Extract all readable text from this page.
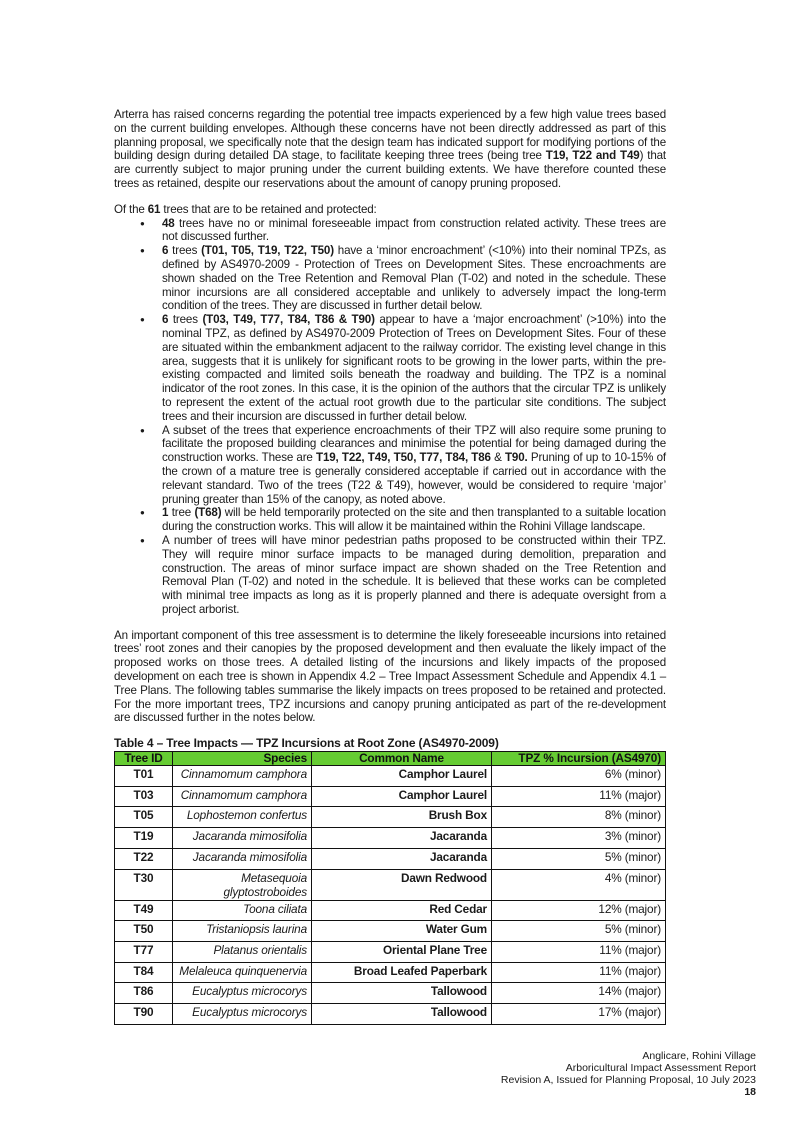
Arterra has raised concerns regarding the potential tree impacts experienced by a few high value trees based on the current building envelopes. Although these concerns have not been directly addressed as part of this planning proposal, we specifically note that the design team has indicated support for modifying portions of the building design during detailed DA stage, to facilitate keeping three trees (being tree T19, T22 and T49) that are currently subject to major pruning under the current building extents. We have therefore counted these trees as retained, despite our reservations about the amount of canopy pruning proposed.

Of the 61 trees that are to be retained and protected:

● 48 trees have no or minimal foreseeable impact from construction related activity. These trees are not discussed further.
● 6 trees (T01, T05, T19, T22, T50) have a ‘minor encroachment’ (<10%) into their nominal TPZs, as defined by AS4970-2009 - Protection of Trees on Development Sites. These encroachments are shown shaded on the Tree Retention and Removal Plan (T-02) and noted in the schedule. These minor incursions are all considered acceptable and unlikely to adversely impact the long-term condition of the trees. They are discussed in further detail below.
● 6 trees (T03, T49, T77, T84, T86 & T90) appear to have a ‘major encroachment’ (>10%) into the nominal TPZ, as defined by AS4970-2009 Protection of Trees on Development Sites. Four of these are situated within the embankment adjacent to the railway corridor. The existing level change in this area, suggests that it is unlikely for significant roots to be growing in the lower parts, within the pre-existing compacted and limited soils beneath the roadway and building. The TPZ is a nominal indicator of the root zones. In this case, it is the opinion of the authors that the circular TPZ is unlikely to represent the extent of the actual root growth due to the particular site conditions. The subject trees and their incursion are discussed in further detail below.
● A subset of the trees that experience encroachments of their TPZ will also require some pruning to facilitate the proposed building clearances and minimise the potential for being damaged during the construction works. These are T19, T22, T49, T50, T77, T84, T86 & T90. Pruning of up to 10-15% of the crown of a mature tree is generally considered acceptable if carried out in accordance with the relevant standard. Two of the trees (T22 & T49), however, would be considered to require ‘major’ pruning greater than 15% of the canopy, as noted above.
● 1 tree (T68) will be held temporarily protected on the site and then transplanted to a suitable location during the construction works. This will allow it be maintained within the Rohini Village landscape.
● A number of trees will have minor pedestrian paths proposed to be constructed within their TPZ. They will require minor surface impacts to be managed during demolition, preparation and construction. The areas of minor surface impact are shown shaded on the Tree Retention and Removal Plan (T-02) and noted in the schedule. It is believed that these works can be completed with minimal tree impacts as long as it is properly planned and there is adequate oversight from a project arborist.

An important component of this tree assessment is to determine the likely foreseeable incursions into retained trees’ root zones and their canopies by the proposed development and then evaluate the likely impact of the proposed works on those trees. A detailed listing of the incursions and likely impacts of the proposed development on each tree is shown in Appendix 4.2 – Tree Impact Assessment Schedule and Appendix 4.1 – Tree Plans. The following tables summarise the likely impacts on trees proposed to be retained and protected. For the more important trees, TPZ incursions and canopy pruning anticipated as part of the re-development are discussed further in the notes below.

Table 4 – Tree Impacts — TPZ Incursions at Root Zone (AS4970-2009)
Tree ID	Species	Common Name	TPZ % Incursion (AS4970)
T01	Cinnamomum camphora	Camphor Laurel	6% (minor)
T03	Cinnamomum camphora	Camphor Laurel	11% (major)
T05	Lophostemon confertus	Brush Box	8% (minor)
T19	Jacaranda mimosifolia	Jacaranda	3% (minor)
T22	Jacaranda mimosifolia	Jacaranda	5% (minor)
T30	Metasequoia glyptostroboides	Dawn Redwood	4% (minor)
T49	Toona ciliata	Red Cedar	12% (major)
T50	Tristaniopsis laurina	Water Gum	5% (minor)
T77	Platanus orientalis	Oriental Plane Tree	11% (major)
T84	Melaleuca quinquenervia	Broad Leafed Paperbark	11% (major)
T86	Eucalyptus microcorys	Tallowood	14% (major)
T90	Eucalyptus microcorys	Tallowood	17% (major)
Anglicare, Rohini Village
Arboricultural Impact Assessment Report
Revision A, Issued for Planning Proposal, 10 July 2023
18
